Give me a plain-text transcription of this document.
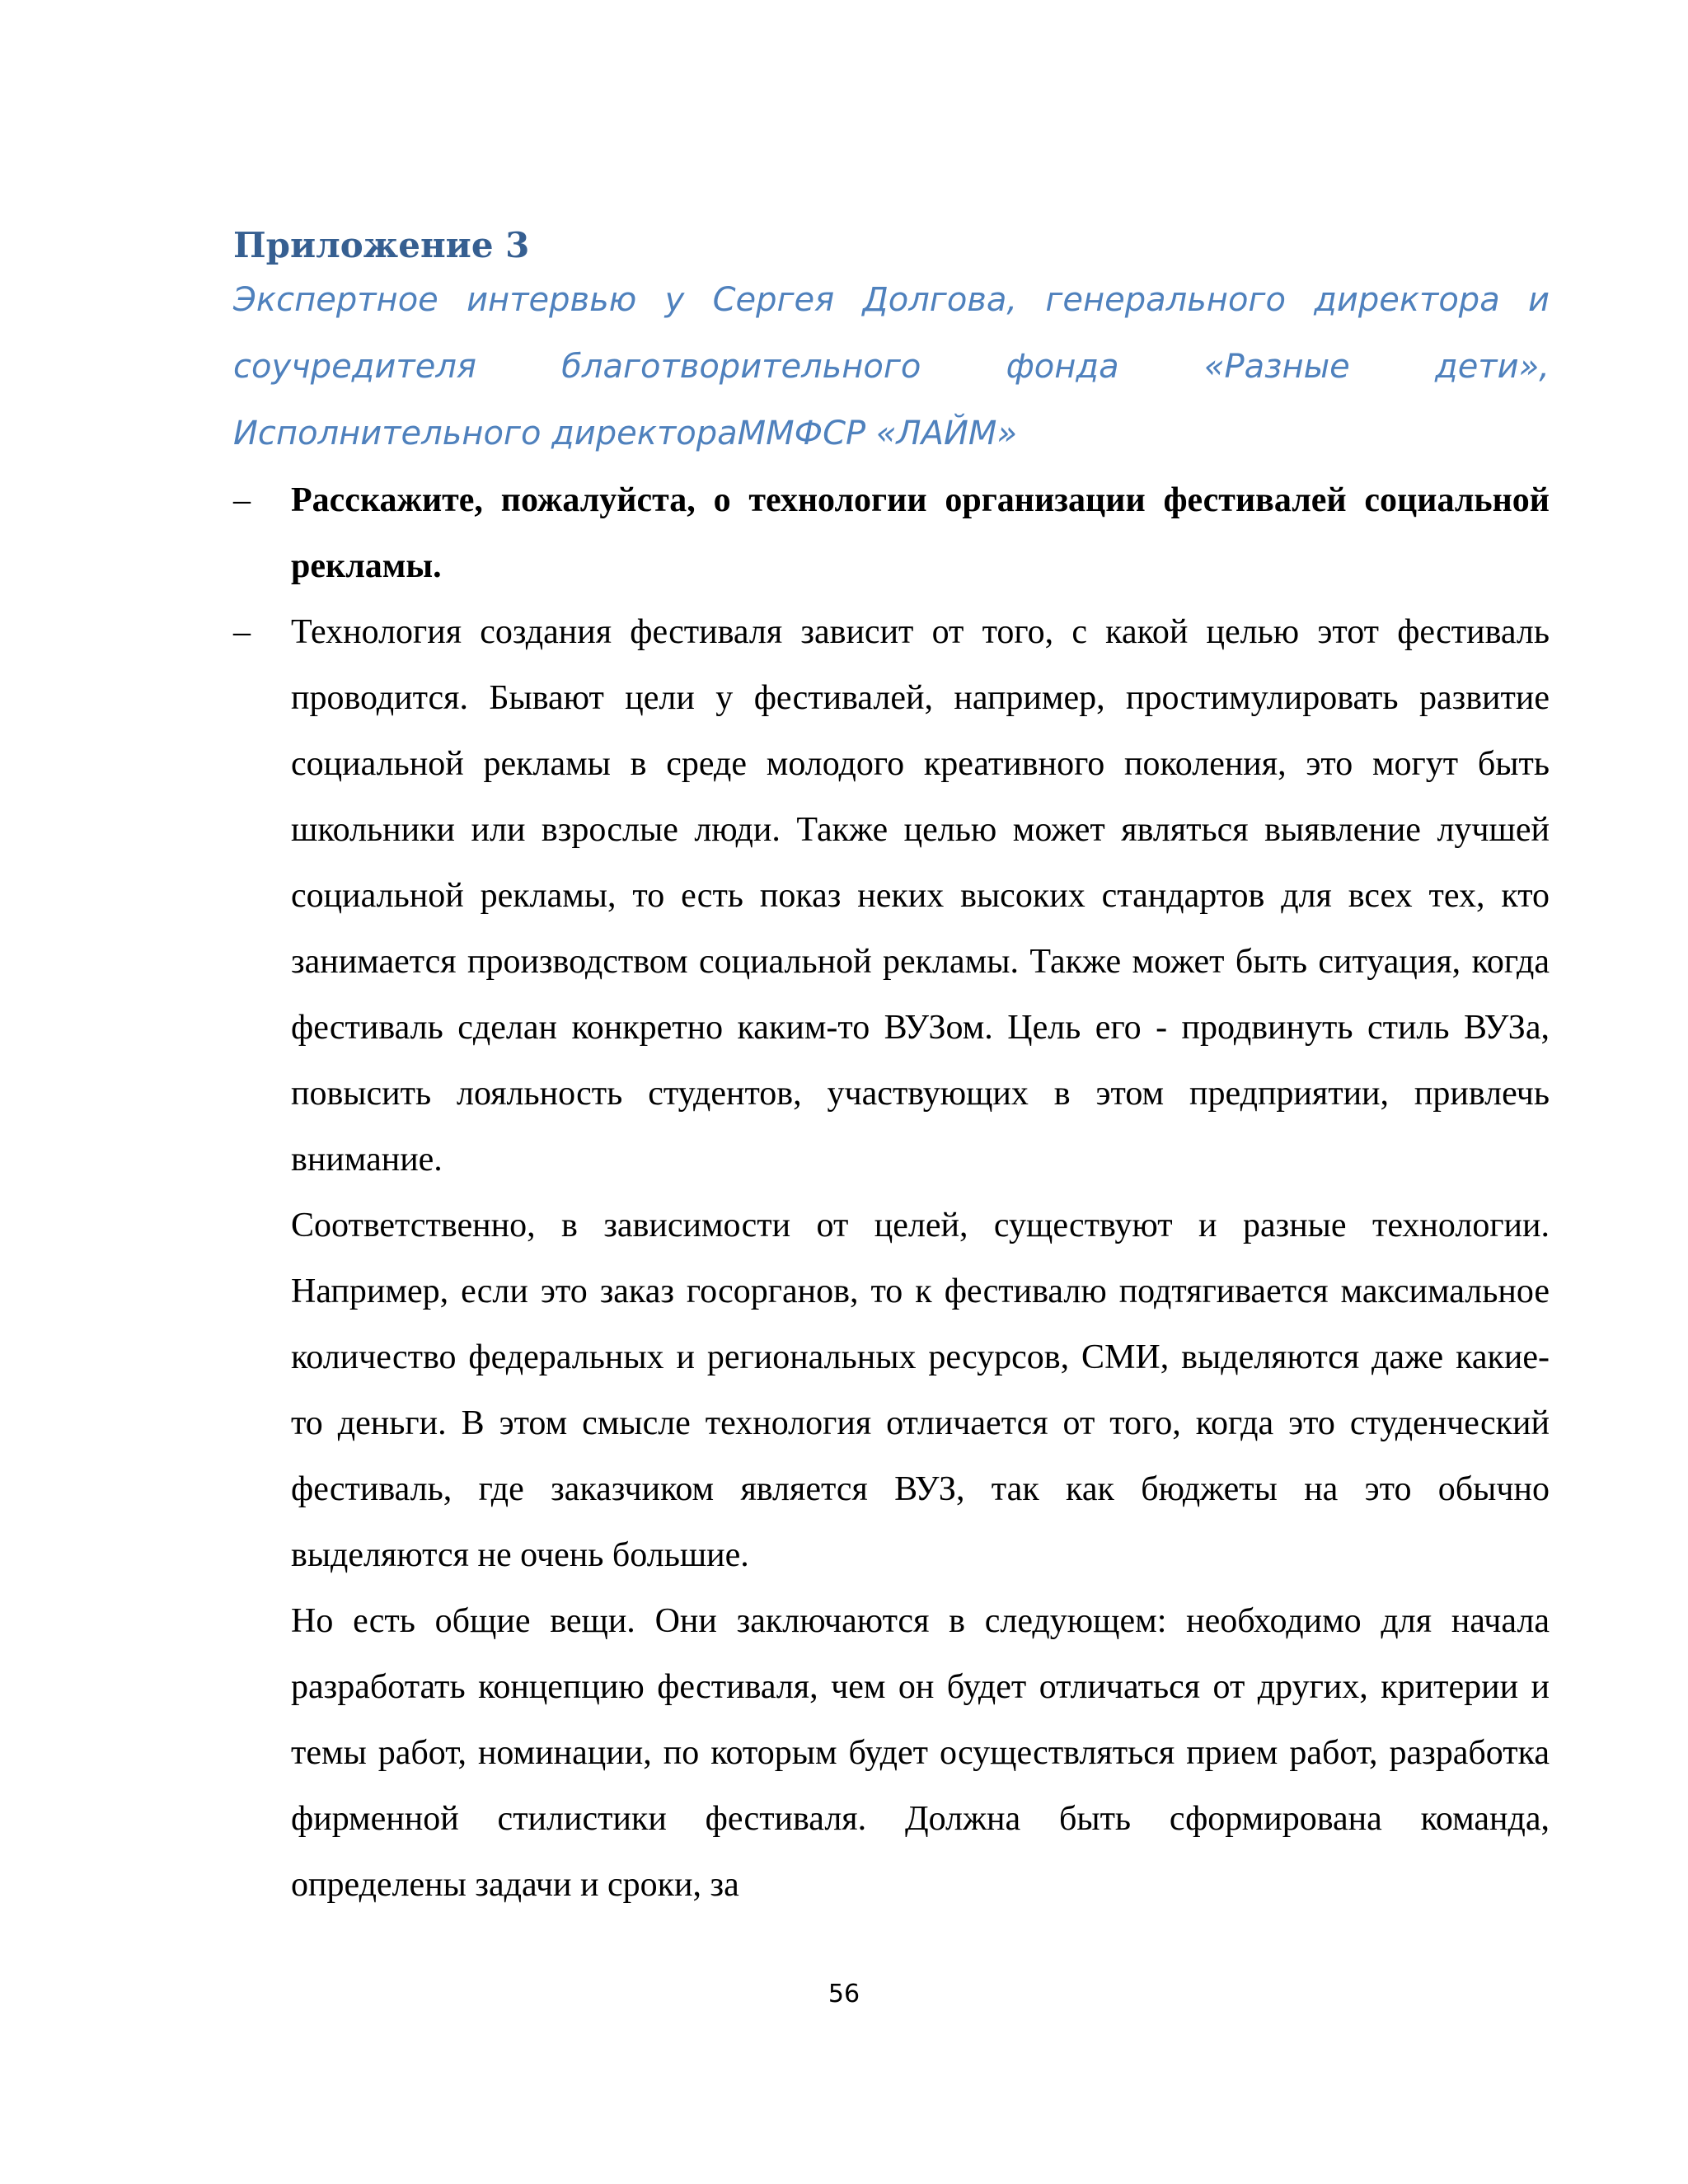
Приложение 3

Экспертное интервью у Сергея Долгова, генерального директора и соучредителя благотворительного фонда «Разные дети», Исполнительного директораММФСР «ЛАЙМ»

– Расскажите, пожалуйста, о технологии организации фестивалей социальной рекламы.

– Технология создания фестиваля зависит от того, с какой целью этот фестиваль проводится. Бывают цели у фестивалей, например, простимулировать развитие социальной рекламы в среде молодого креативного поколения, это могут быть школьники или взрослые люди. Также целью может являться выявление лучшей социальной рекламы, то есть показ неких высоких стандартов для всех тех, кто занимается производством социальной рекламы. Также может быть ситуация, когда фестиваль сделан конкретно каким-то ВУЗом. Цель его - продвинуть стиль ВУЗа, повысить лояльность студентов, участвующих в этом предприятии, привлечь внимание.

Соответственно, в зависимости от целей, существуют и разные технологии. Например, если это заказ госорганов, то к фестивалю подтягивается максимальное количество федеральных и региональных ресурсов, СМИ, выделяются даже какие-то деньги. В этом смысле технология отличается от того, когда это студенческий фестиваль, где заказчиком является ВУЗ, так как бюджеты на это обычно выделяются не очень большие.

Но есть общие вещи. Они заключаются в следующем: необходимо для начала разработать концепцию фестиваля, чем он будет отличаться от других, критерии и темы работ, номинации, по которым будет осуществляться прием работ, разработка фирменной стилистики фестиваля. Должна быть сформирована команда, определены задачи и сроки, за

56
